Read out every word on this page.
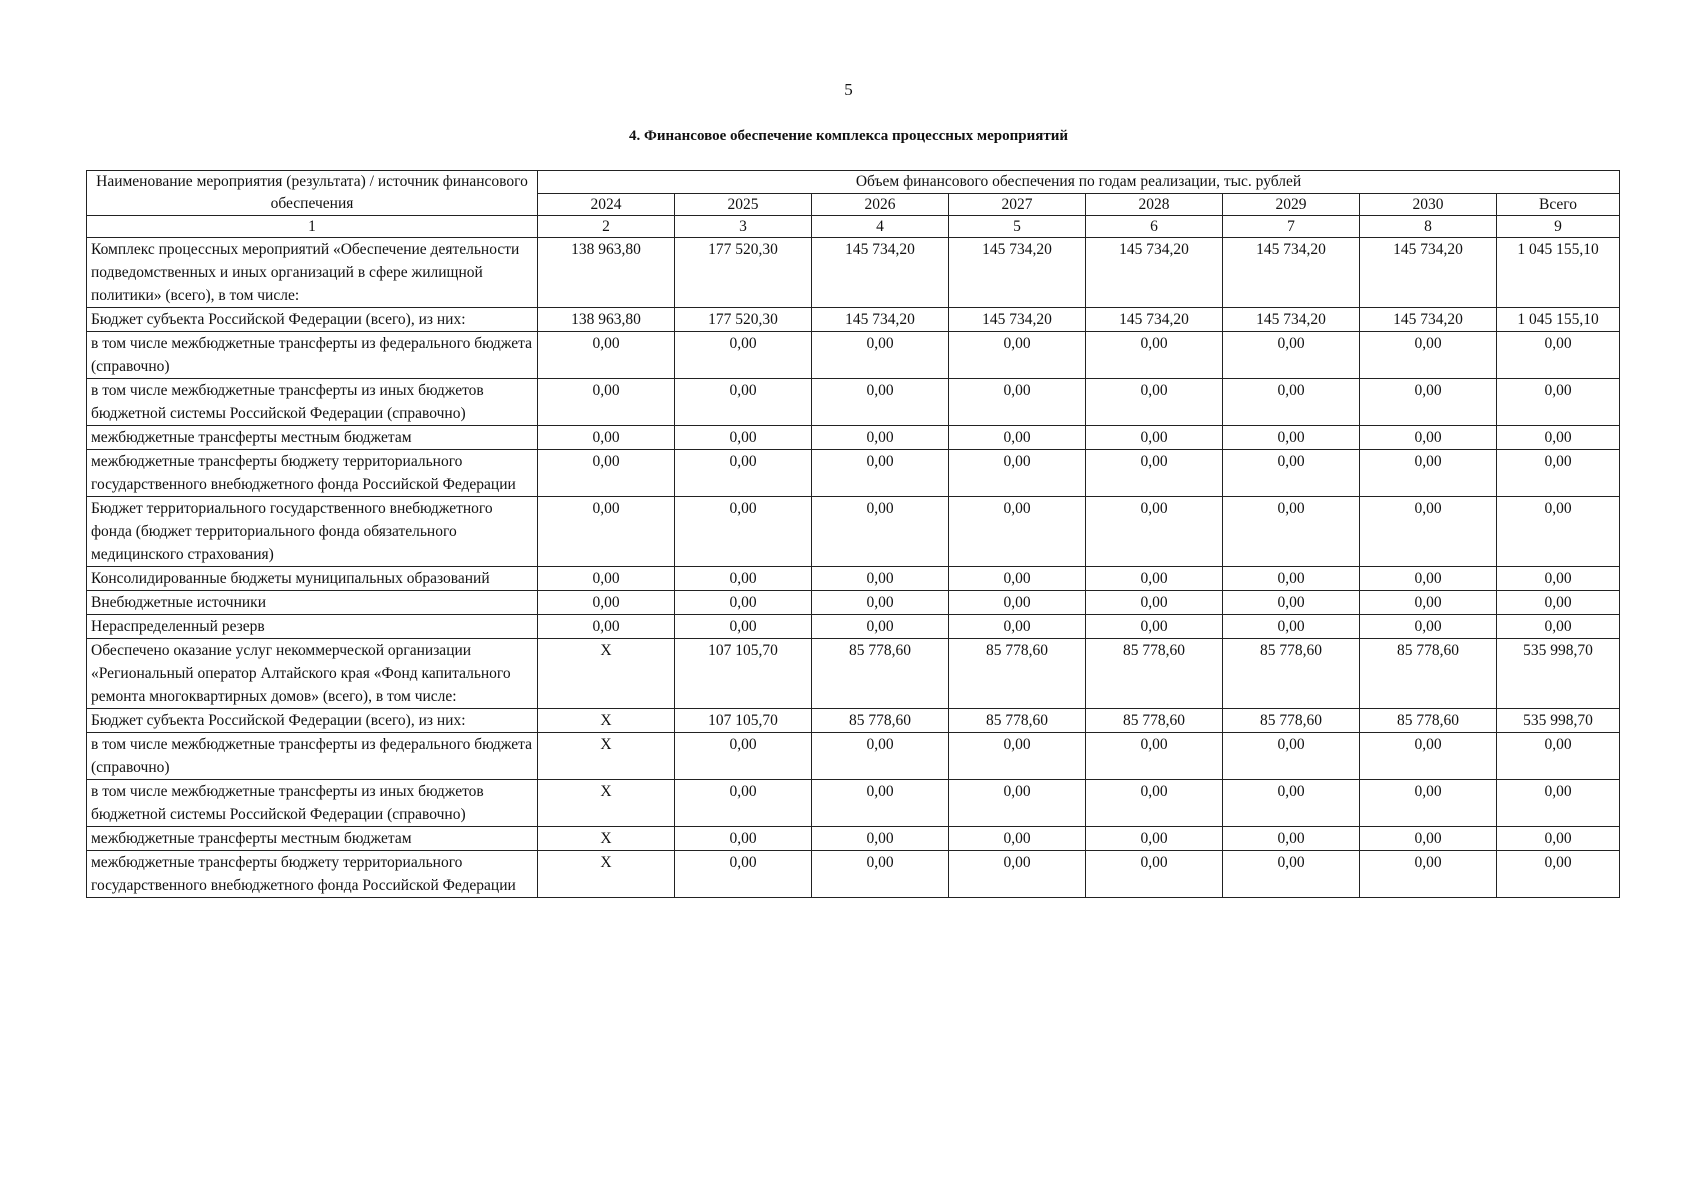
5
4. Финансовое обеспечение комплекса процессных мероприятий
Наименование мероприятия (результата) / источник финансового обеспечения	Объем финансового обеспечения по годам реализации, тыс. рублей							
	2024	2025	2026	2027	2028	2029	2030	Всего
1	2	3	4	5	6	7	8	9
Комплекс процессных мероприятий «Обеспечение деятельности подведомственных и иных организаций в сфере жилищной политики» (всего), в том числе:	138 963,80	177 520,30	145 734,20	145 734,20	145 734,20	145 734,20	145 734,20	1 045 155,10
Бюджет субъекта Российской Федерации (всего), из них:	138 963,80	177 520,30	145 734,20	145 734,20	145 734,20	145 734,20	145 734,20	1 045 155,10
в том числе межбюджетные трансферты из федерального бюджета (справочно)	0,00	0,00	0,00	0,00	0,00	0,00	0,00	0,00
в том числе межбюджетные трансферты из иных бюджетов бюджетной системы Российской Федерации (справочно)	0,00	0,00	0,00	0,00	0,00	0,00	0,00	0,00
межбюджетные трансферты местным бюджетам	0,00	0,00	0,00	0,00	0,00	0,00	0,00	0,00
межбюджетные трансферты бюджету территориального государственного внебюджетного фонда Российской Федерации	0,00	0,00	0,00	0,00	0,00	0,00	0,00	0,00
Бюджет территориального государственного внебюджетного фонда (бюджет территориального фонда обязательного медицинского страхования)	0,00	0,00	0,00	0,00	0,00	0,00	0,00	0,00
Консолидированные бюджеты муниципальных образований	0,00	0,00	0,00	0,00	0,00	0,00	0,00	0,00
Внебюджетные источники	0,00	0,00	0,00	0,00	0,00	0,00	0,00	0,00
Нераспределенный резерв	0,00	0,00	0,00	0,00	0,00	0,00	0,00	0,00
Обеспечено оказание услуг некоммерческой организации «Региональный оператор Алтайского края «Фонд капитального ремонта многоквартирных домов» (всего), в том числе:	X	107 105,70	85 778,60	85 778,60	85 778,60	85 778,60	85 778,60	535 998,70
Бюджет субъекта Российской Федерации (всего), из них:	X	107 105,70	85 778,60	85 778,60	85 778,60	85 778,60	85 778,60	535 998,70
в том числе межбюджетные трансферты из федерального бюджета (справочно)	X	0,00	0,00	0,00	0,00	0,00	0,00	0,00
в том числе межбюджетные трансферты из иных бюджетов бюджетной системы Российской Федерации (справочно)	X	0,00	0,00	0,00	0,00	0,00	0,00	0,00
межбюджетные трансферты местным бюджетам	X	0,00	0,00	0,00	0,00	0,00	0,00	0,00
межбюджетные трансферты бюджету территориального государственного внебюджетного фонда Российской Федерации	X	0,00	0,00	0,00	0,00	0,00	0,00	0,00
